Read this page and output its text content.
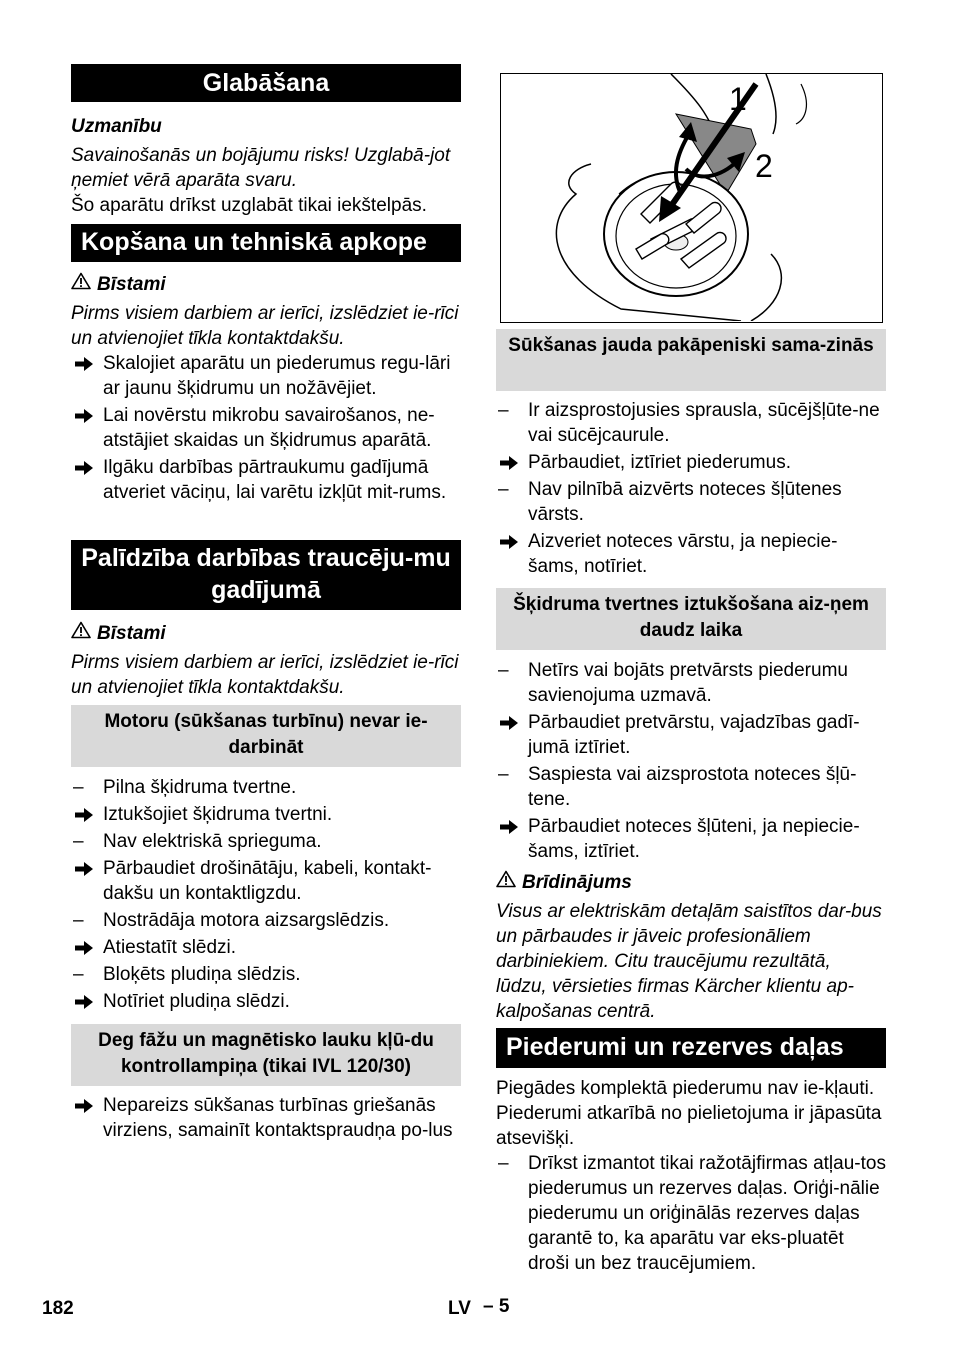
Glabāšana

Uzmanību

Savainošanās un bojājumu risks! Uzglabā-jot ņemiet vērā aparāta svaru.

Šo aparātu drīkst uzglabāt tikai iekštelpās.

Kopšana un tehniskā apkope

Bīstami

Pirms visiem darbiem ar ierīci, izslēdziet ie-rīci un atvienojiet tīkla kontaktdakšu.

Skalojiet aparātu un piederumus regu-lāri ar jaunu šķidrumu un nožāvējiet.

Lai novērstu mikrobu savairošanos, ne-atstājiet skaidas un šķidrumus aparātā.

Ilgāku darbības pārtraukumu gadījumā atveriet vāciņu, lai varētu izkļūt mit-rums.

Palīdzība darbības traucēju-mu gadījumā

Bīstami

Pirms visiem darbiem ar ierīci, izslēdziet ie-rīci un atvienojiet tīkla kontaktdakšu.

Motoru (sūkšanas turbīnu) nevar ie-darbināt

–	Pilna šķidruma tvertne.

Iztukšojiet šķidruma tvertni.

–	Nav elektriskā sprieguma.

Pārbaudiet drošinātāju, kabeli, kontakt-dakšu un kontaktligzdu.

–	Nostrādāja motora aizsargslēdzis.

Atiestatīt slēdzi.

–	Bloķēts pludiņa slēdzis.

Notīriet pludiņa slēdzi.

Deg fāžu un magnētisko lauku kļū-du kontrollampiņa (tikai IVL 120/30)

Nepareizs sūkšanas turbīnas griešanās virziens, samainīt kontaktspraudņa po-lus

1
2
Sūkšanas jauda pakāpeniski sama-zinās

–	Ir aizsprostojusies sprausla, sūcējšļūte-ne vai sūcējcaurule.

Pārbaudiet, iztīriet piederumus.

–	Nav pilnībā aizvērts noteces šļūtenes vārsts.

Aizveriet noteces vārstu, ja nepiecie-šams, notīriet.

Šķidruma tvertnes iztukšošana aiz-ņem daudz laika

–	Netīrs vai bojāts pretvārsts piederumu savienojuma uzmavā.

Pārbaudiet pretvārstu, vajadzības gadī-jumā iztīriet.

–	Saspiesta vai aizsprostota noteces šļū-tene.

Pārbaudiet noteces šļūteni, ja nepiecie-šams, iztīriet.

Brīdinājums

Visus ar elektriskām detaļām saistītos dar-bus un pārbaudes ir jāveic profesionāliem darbiniekiem. Citu traucējumu rezultātā, lūdzu, vērsieties firmas Kärcher klientu ap-kalpošanas centrā.

Piederumi un rezerves daļas

Piegādes komplektā piederumu nav ie-kļauti. Piederumi atkarībā no pielietojuma ir jāpasūta atsevišķi.

–	Drīkst izmantot tikai ražotājfirmas atļau-tos piederumus un rezerves daļas. Oriģi-nālie piederumu un oriģinālās rezerves daļas garantē to, ka aparātu var eks-pluatēt droši un bez traucējumiem.

182	LV – 5
